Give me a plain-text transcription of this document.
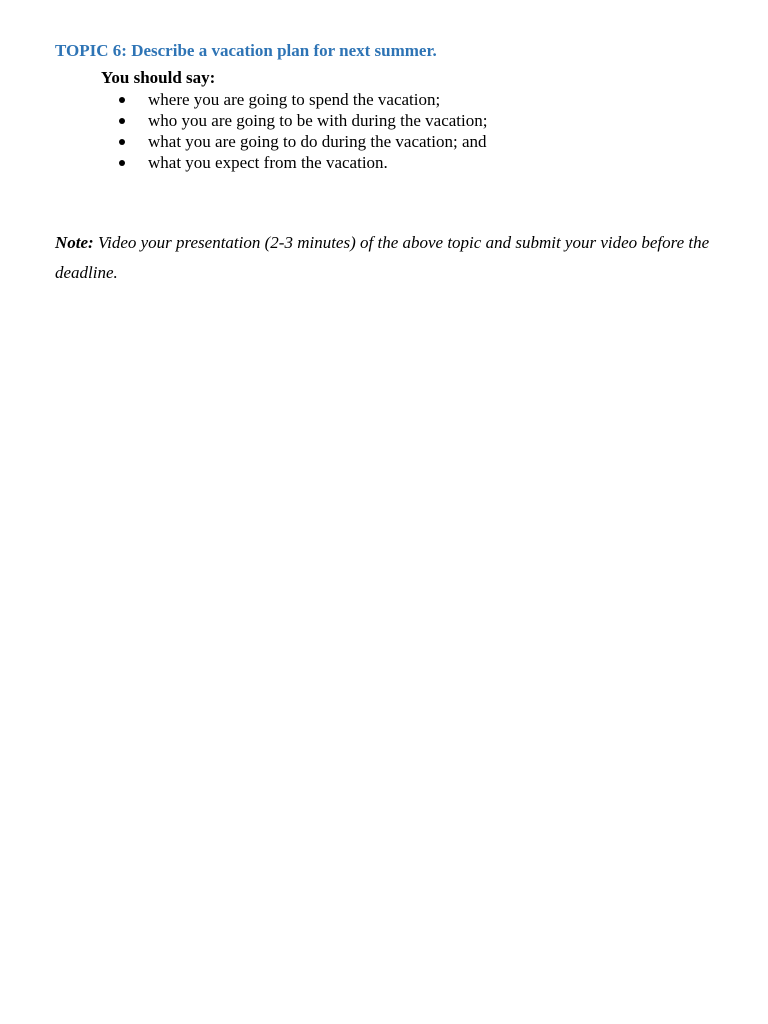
TOPIC 6: Describe a vacation plan for next summer.
You should say:
where you are going to spend the vacation;
who you are going to be with during the vacation;
what you are going to do during the vacation; and
what you expect from the vacation.

Note: Video your presentation (2-3 minutes) of the above topic and submit your video before the deadline.
